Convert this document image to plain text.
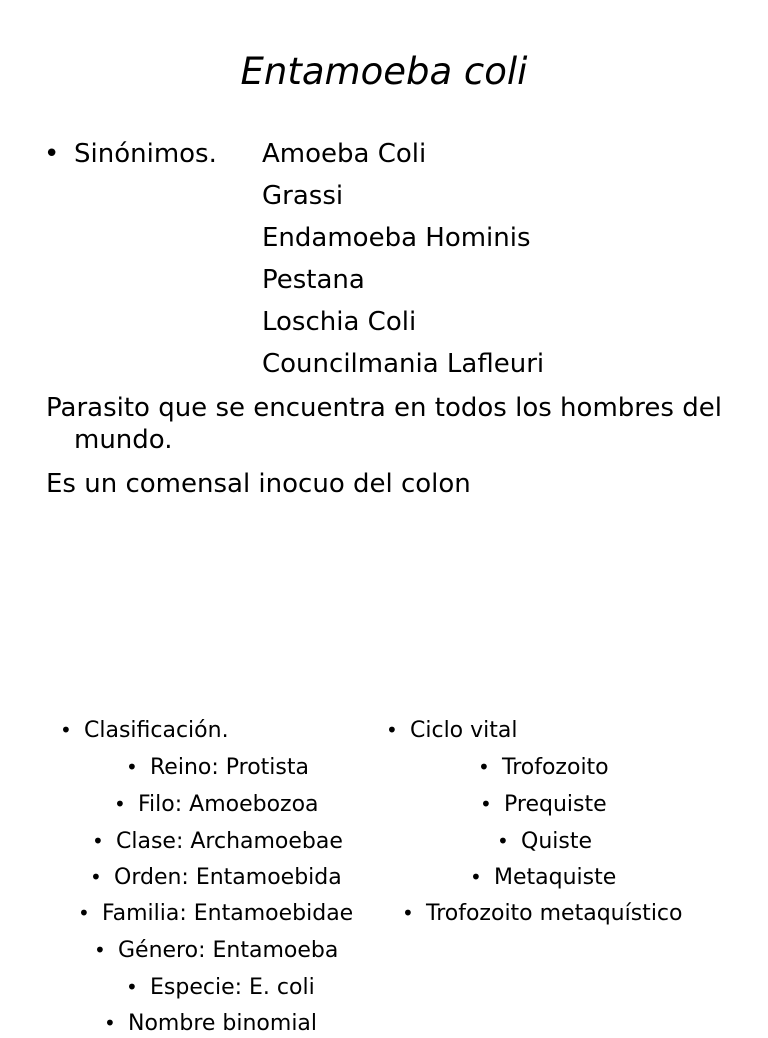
Entamoeba coli
• Sinónimos. Amoeba Coli
Grassi
Endamoeba Hominis
Pestana
Loschia Coli
Councilmania Lafleuri
Parasito que se encuentra en todos los hombres del
mundo.
Es un comensal inocuo del colon
• Clasificación.
• Reino: Protista
• Filo: Amoebozoa
• Clase: Archamoebae
• Orden: Entamoebida
• Familia: Entamoebidae
• Género: Entamoeba
• Especie: E. coli
• Nombre binomial
• Ciclo vital
• Trofozoito
• Prequiste
• Quiste
• Metaquiste
• Trofozoito metaquístico
